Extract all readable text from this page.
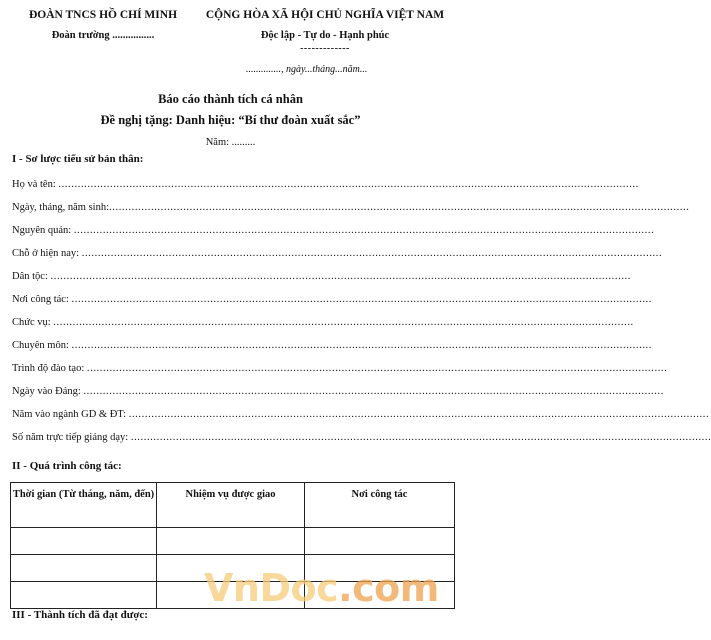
ĐOÀN TNCS HỒ CHÍ MINH
Đoàn trường ................
CỘNG HÒA XÃ HỘI CHỦ NGHĨA VIỆT NAM
Độc lập - Tự do - Hạnh phúc
-------------
.............., ngày...tháng...năm...
Báo cáo thành tích cá nhân
Đề nghị tặng: Danh hiệu: “Bí thư đoàn xuất sắc”
Năm: .........
I - Sơ lược tiểu sử bản thân:
Họ và tên: ....................................................................................................................................................................................
Ngày, tháng, năm sinh:....................................................................................................................................................................................
Nguyên quán: ....................................................................................................................................................................................
Chỗ ở hiện nay: ....................................................................................................................................................................................
Dân tộc: ....................................................................................................................................................................................
Nơi công tác: ....................................................................................................................................................................................
Chức vụ: ....................................................................................................................................................................................
Chuyên môn: ....................................................................................................................................................................................
Trình độ đào tạo: ....................................................................................................................................................................................
Ngày vào Đảng: ....................................................................................................................................................................................
Năm vào ngành GD & ĐT: ....................................................................................................................................................................................
Số năm trực tiếp giảng dạy: ....................................................................................................................................................................................
II - Quá trình công tác:
Thời gian (Từ tháng, năm, đến)	Nhiệm vụ được giao	Nơi công tác

III - Thành tích đã đạt được:
VnDoc.com
